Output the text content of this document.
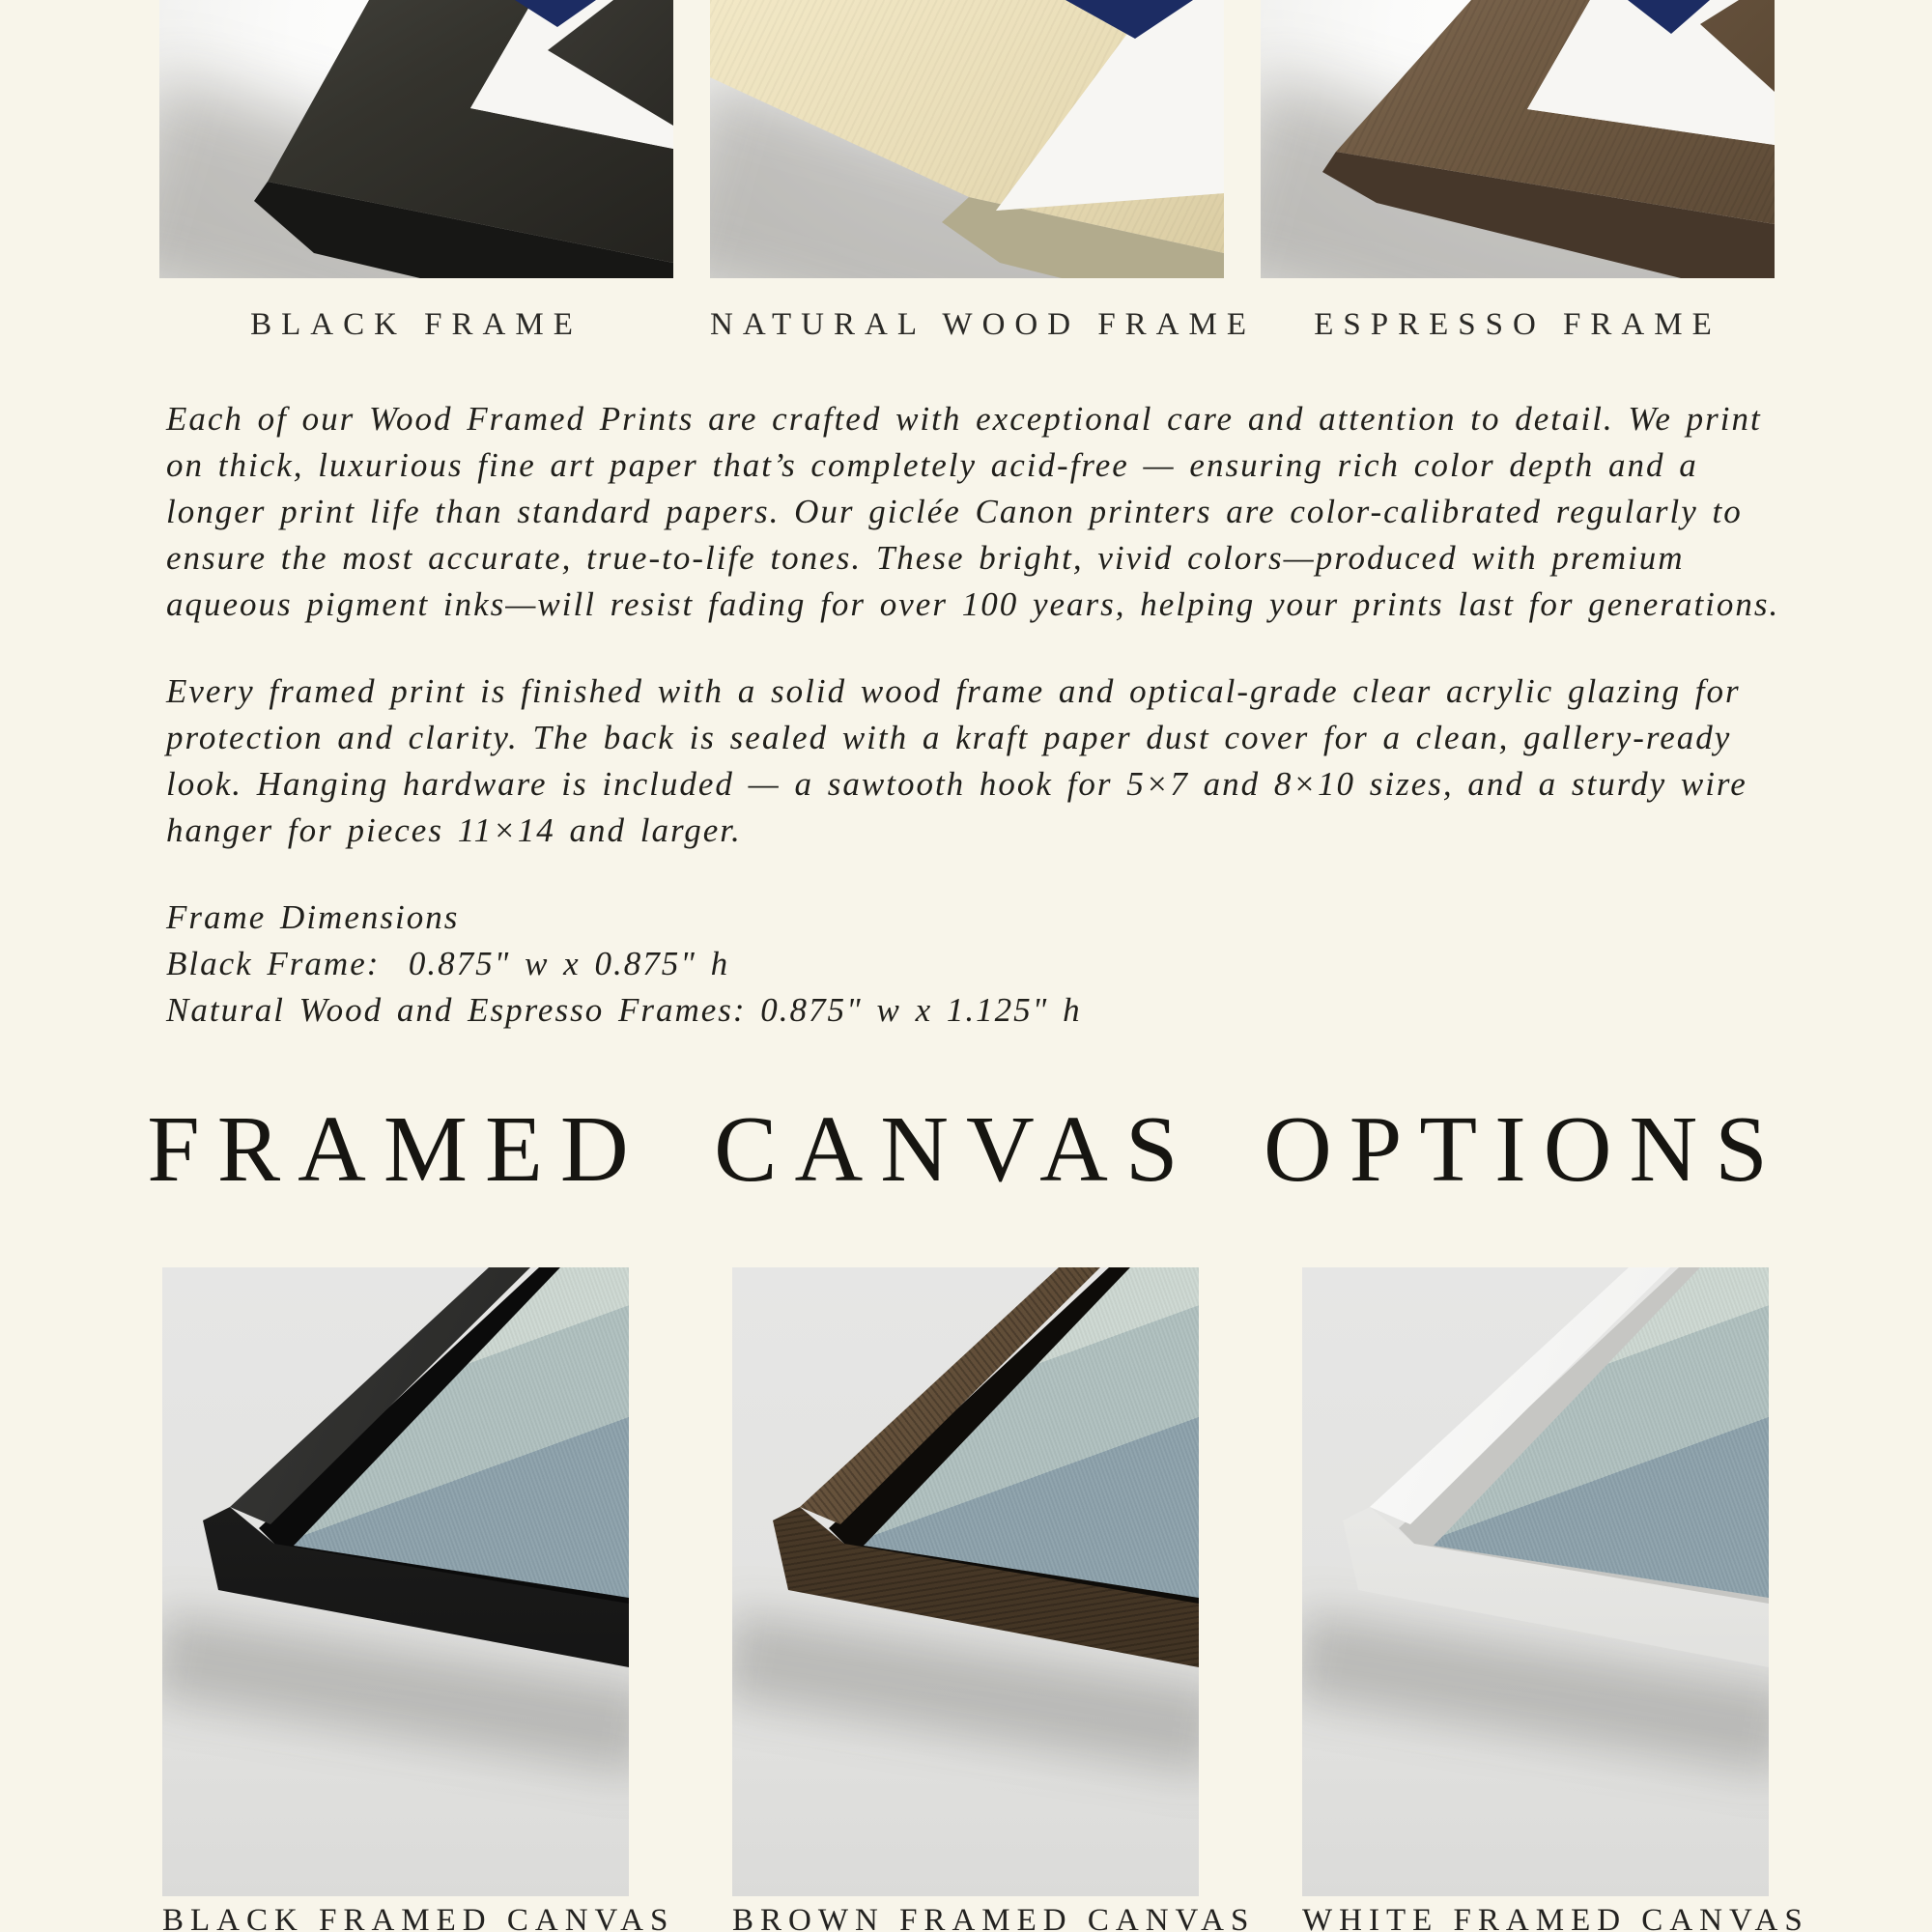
BLACK FRAME	NATURAL WOOD FRAME	ESPRESSO FRAME

Each of our Wood Framed Prints are crafted with exceptional care and attention to detail. We print on thick, luxurious fine art paper that’s completely acid-free — ensuring rich color depth and a longer print life than standard papers. Our giclée Canon printers are color-calibrated regularly to ensure the most accurate, true-to-life tones. These bright, vivid colors—produced with premium aqueous pigment inks—will resist fading for over 100 years, helping your prints last for generations.

Every framed print is finished with a solid wood frame and optical-grade clear acrylic glazing for protection and clarity. The back is sealed with a kraft paper dust cover for a clean, gallery-ready look. Hanging hardware is included — a sawtooth hook for 5×7 and 8×10 sizes, and a sturdy wire hanger for pieces 11×14 and larger.

Frame Dimensions
Black Frame:  0.875" w x 0.875" h
Natural Wood and Espresso Frames: 0.875" w x 1.125" h
FRAMED CANVAS OPTIONS
BLACK FRAMED CANVAS BROWN FRAMED CANVAS WHITE FRAMED CANVAS
